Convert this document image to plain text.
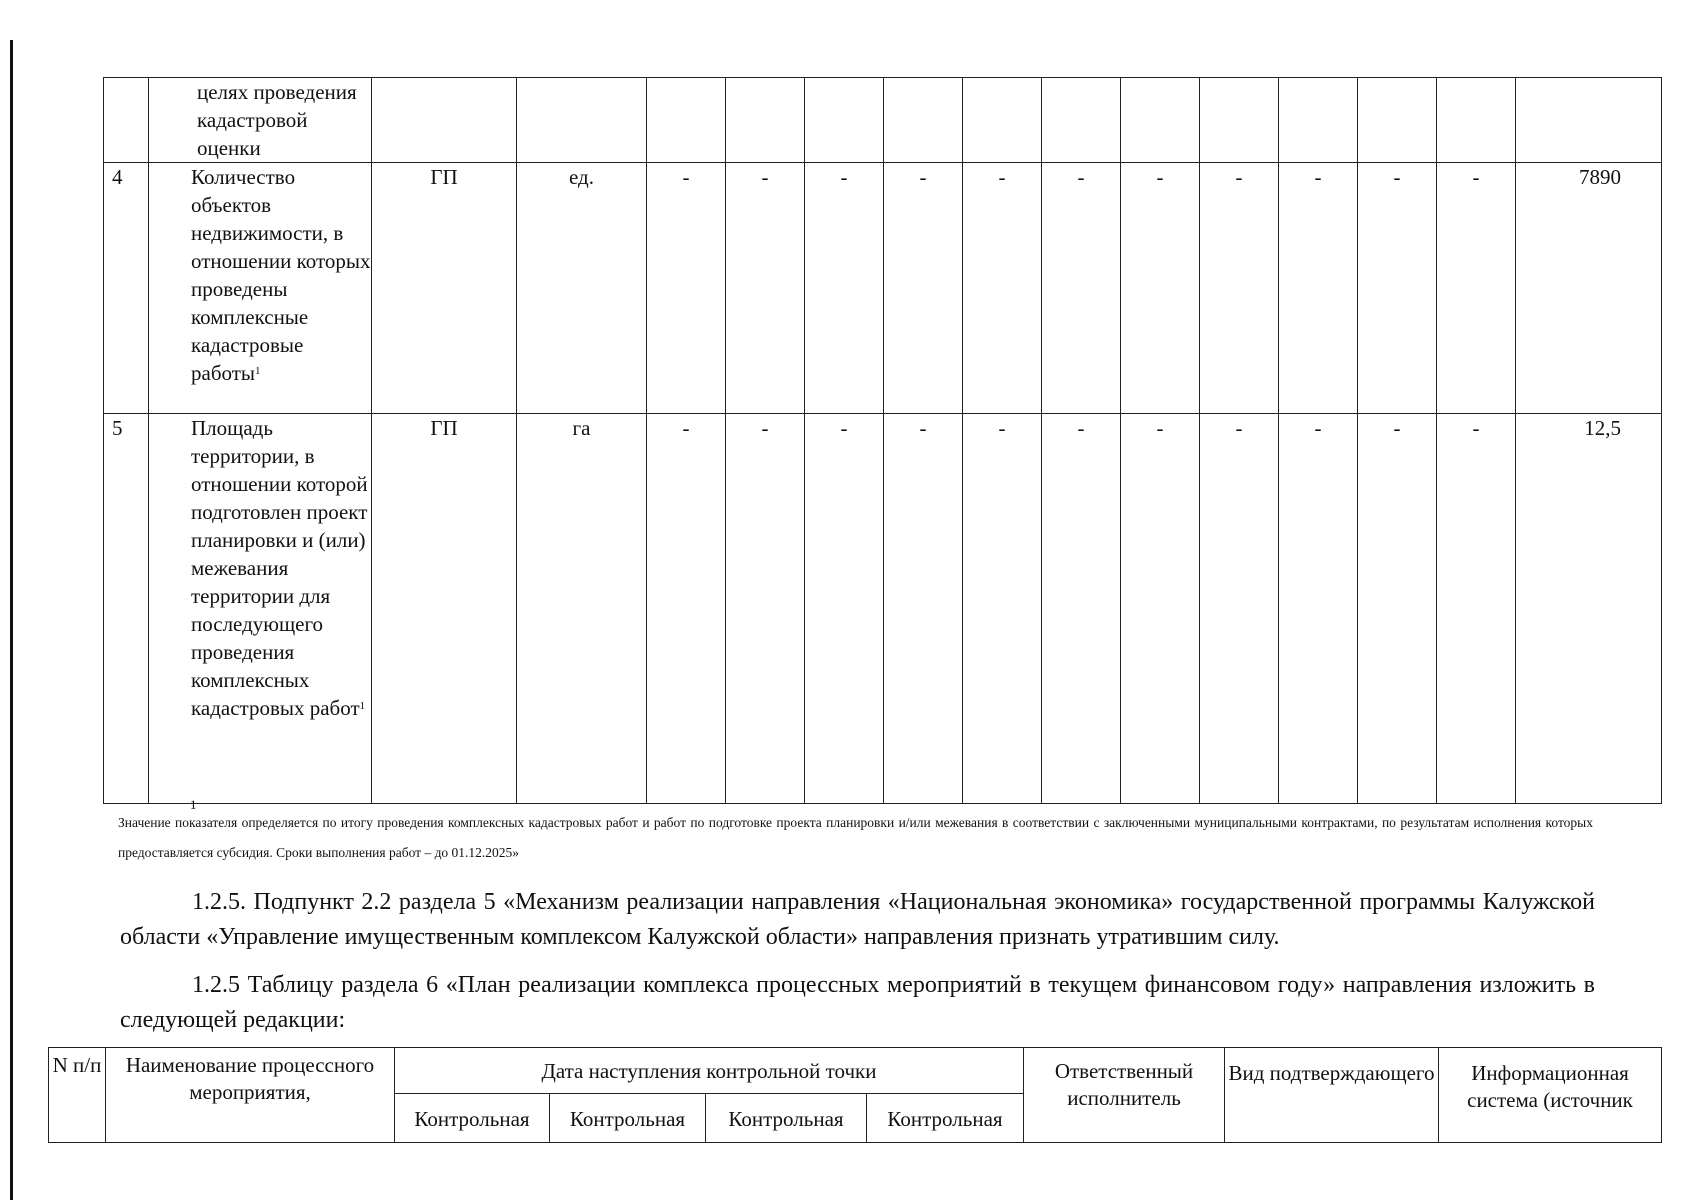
	целях проведения кадастровой оценки														
4	Количество объектов недвижимости, в отношении которых проведены комплексные кадастровые работы$^1$	ГП	ед.	-	-	-	-	-	-	-	-	-	-	-	7890
5	Площадь территории, в отношении которой подготовлен проект планировки и (или) межевания территории для последующего проведения комплексных кадастровых работ$^1$	ГП	га	-	-	-	-	-	-	-	-	-	-	-	12,5
1
Значение показателя определяется по итогу проведения комплексных кадастровых работ и работ по подготовке проекта планировки и/или межевания в соответствии с заключенными муниципальными контрактами, по результатам исполнения которых предоставляется субсидия. Сроки выполнения работ – до 01.12.2025»
1.2.5. Подпункт 2.2 раздела 5 «Механизм реализации направления «Национальная экономика» государственной программы Калужской области «Управление имущественным комплексом Калужской области» направления признать утратившим силу.
1.2.5 Таблицу раздела 6 «План реализации комплекса процессных мероприятий в текущем финансовом году» направления изложить в следующей редакции:
N п/п	Наименование процессного мероприятия,	Дата наступления контрольной точки				Ответственный исполнитель	Вид подтверждающего	Информационная система (источник
		Контрольная	Контрольная	Контрольная	Контрольная			
